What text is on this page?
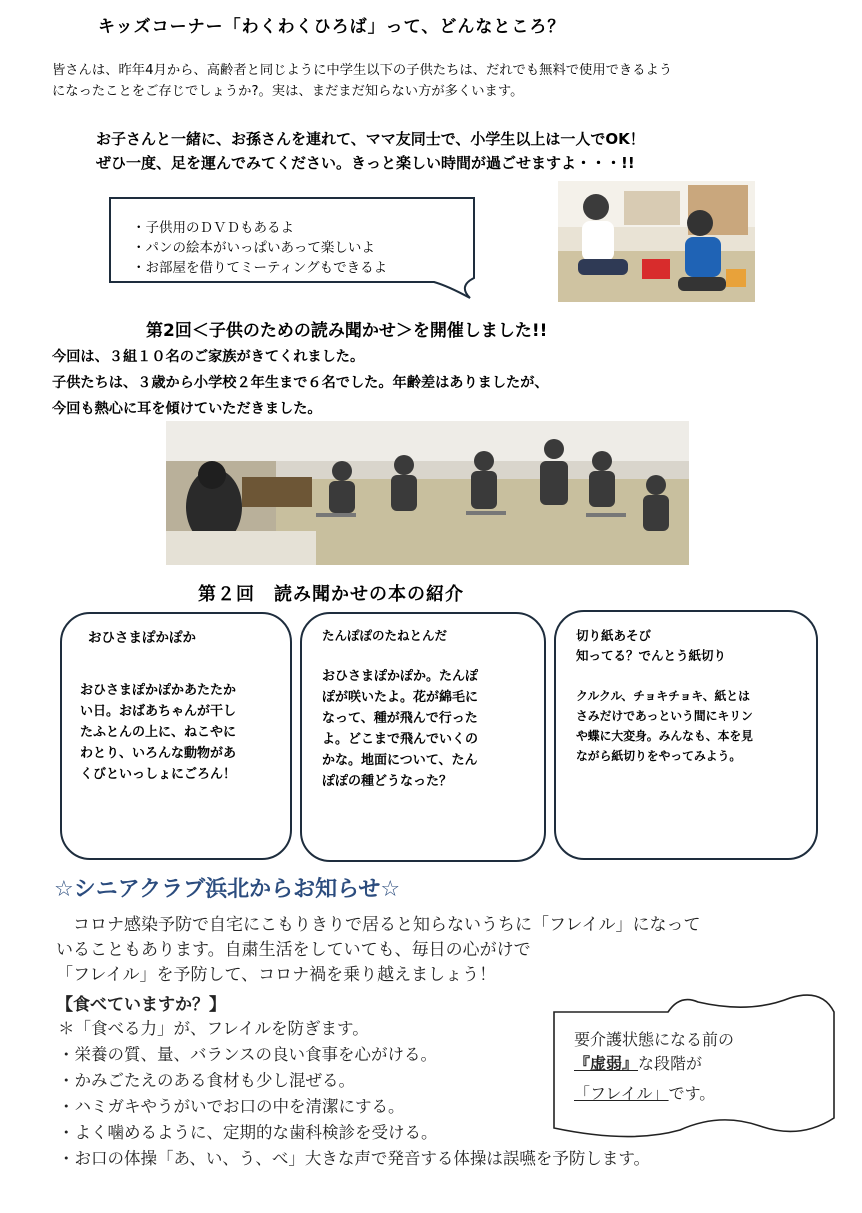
キッズコーナー「わくわくひろば」って、どんなところ？
皆さんは、昨年4月から、高齢者と同じように中学生以下の子供たちは、だれでも無料で使用できるよう
になったことをご存じでしょうか?。実は、まだまだ知らない方が多くいます。
お子さんと一緒に、お孫さんを連れて、ママ友同士で、小学生以上は一人でOK！
ぜひ一度、足を運んでみてください。きっと楽しい時間が過ごせますよ・・・!!
・子供用のＤＶＤもあるよ
・パンの絵本がいっぱいあって楽しいよ
・お部屋を借りてミーティングもできるよ
第2回＜子供のための読み聞かせ＞を開催しました!!
今回は、３組１０名のご家族がきてくれました。
子供たちは、３歳から小学校２年生まで６名でした。年齢差はありましたが、
今回も熱心に耳を傾けていただきました。
第２回　読み聞かせの本の紹介
おひさまぽかぽか
おひさまぽかぽかあたたか
い日。おばあちゃんが干し
たふとんの上に、ねこやに
わとり、いろんな動物があ
くびといっしょにごろん！
たんぽぽのたねとんだ
おひさまぽかぽか。たんぽ
ぽが咲いたよ。花が綿毛に
なって、種が飛んで行った
よ。どこまで飛んでいくの
かな。地面について、たん
ぽぽの種どうなった？
切り紙あそび
知ってる？でんとう紙切り
クルクル、チョキチョキ、紙とは
さみだけであっという間にキリン
や蝶に大変身。みんなも、本を見
ながら紙切りをやってみよう。
☆シニアクラブ浜北からお知らせ☆
　コロナ感染予防で自宅にこもりきりで居ると知らないうちに「フレイル」になって
いることもあります。自粛生活をしていても、毎日の心がけで
「フレイル」を予防して、コロナ禍を乗り越えましょう！
【食べていますか？】
＊「食べる力」が、フレイルを防ぎます。
・栄養の質、量、バランスの良い食事を心がける。
・かみごたえのある食材も少し混ぜる。
・ハミガキやうがいでお口の中を清潔にする。
・よく噛めるように、定期的な歯科検診を受ける。
・お口の体操「あ、い、う、べ」大きな声で発音する体操は誤嚥を予防します。
要介護状態になる前の
『虚弱』な段階が
「フレイル」です。
